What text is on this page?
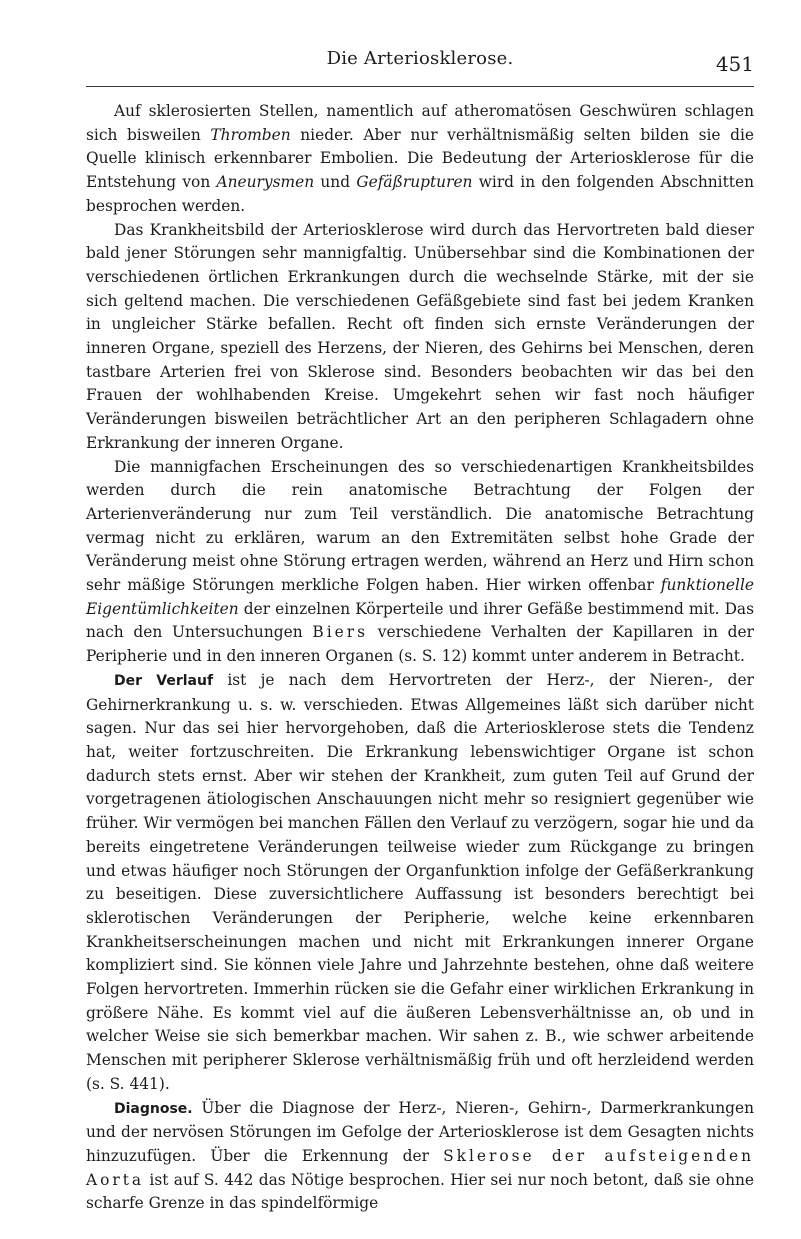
Die Arteriosklerose.	451

Auf sklerosierten Stellen, namentlich auf atheromatösen Geschwüren schlagen sich bisweilen Thromben nieder. Aber nur verhältnismäßig selten bilden sie die Quelle klinisch erkennbarer Embolien. Die Bedeutung der Arteriosklerose für die Entstehung von Aneurysmen und Gefäßrupturen wird in den folgenden Abschnitten besprochen werden.

Das Krankheitsbild der Arteriosklerose wird durch das Hervortreten bald dieser bald jener Störungen sehr mannigfaltig. Unübersehbar sind die Kombinationen der verschiedenen örtlichen Erkrankungen durch die wechselnde Stärke, mit der sie sich geltend machen. Die verschiedenen Gefäßgebiete sind fast bei jedem Kranken in ungleicher Stärke befallen. Recht oft finden sich ernste Veränderungen der inneren Organe, speziell des Herzens, der Nieren, des Gehirns bei Menschen, deren tastbare Arterien frei von Sklerose sind. Besonders beobachten wir das bei den Frauen der wohlhabenden Kreise. Umgekehrt sehen wir fast noch häufiger Veränderungen bisweilen beträchtlicher Art an den peripheren Schlagadern ohne Erkrankung der inneren Organe.

Die mannigfachen Erscheinungen des so verschiedenartigen Krankheitsbildes werden durch die rein anatomische Betrachtung der Folgen der Arterienveränderung nur zum Teil verständlich. Die anatomische Betrachtung vermag nicht zu erklären, warum an den Extremitäten selbst hohe Grade der Veränderung meist ohne Störung ertragen werden, während an Herz und Hirn schon sehr mäßige Störungen merkliche Folgen haben. Hier wirken offenbar funktionelle Eigentümlichkeiten der einzelnen Körperteile und ihrer Gefäße bestimmend mit. Das nach den Untersuchungen Biers verschiedene Verhalten der Kapillaren in der Peripherie und in den inneren Organen (s. S. 12) kommt unter anderem in Betracht.

Der Verlauf ist je nach dem Hervortreten der Herz-, der Nieren-, der Gehirnerkrankung u. s. w. verschieden. Etwas Allgemeines läßt sich darüber nicht sagen. Nur das sei hier hervorgehoben, daß die Arteriosklerose stets die Tendenz hat, weiter fortzuschreiten. Die Erkrankung lebenswichtiger Organe ist schon dadurch stets ernst. Aber wir stehen der Krankheit, zum guten Teil auf Grund der vorgetragenen ätiologischen Anschauungen nicht mehr so resigniert gegenüber wie früher. Wir vermögen bei manchen Fällen den Verlauf zu verzögern, sogar hie und da bereits eingetretene Veränderungen teilweise wieder zum Rückgange zu bringen und etwas häufiger noch Störungen der Organfunktion infolge der Gefäßerkrankung zu beseitigen. Diese zuversichtlichere Auffassung ist besonders berechtigt bei sklerotischen Veränderungen der Peripherie, welche keine erkennbaren Krankheitserscheinungen machen und nicht mit Erkrankungen innerer Organe kompliziert sind. Sie können viele Jahre und Jahrzehnte bestehen, ohne daß weitere Folgen hervortreten. Immerhin rücken sie die Gefahr einer wirklichen Erkrankung in größere Nähe. Es kommt viel auf die äußeren Lebensverhältnisse an, ob und in welcher Weise sie sich bemerkbar machen. Wir sahen z. B., wie schwer arbeitende Menschen mit peripherer Sklerose verhältnismäßig früh und oft herzleidend werden (s. S. 441).

Diagnose. Über die Diagnose der Herz-, Nieren-, Gehirn-, Darmerkrankungen und der nervösen Störungen im Gefolge der Arteriosklerose ist dem Gesagten nichts hinzuzufügen. Über die Erkennung der Sklerose der aufsteigenden Aorta ist auf S. 442 das Nötige besprochen. Hier sei nur noch betont, daß sie ohne scharfe Grenze in das spindelförmige
